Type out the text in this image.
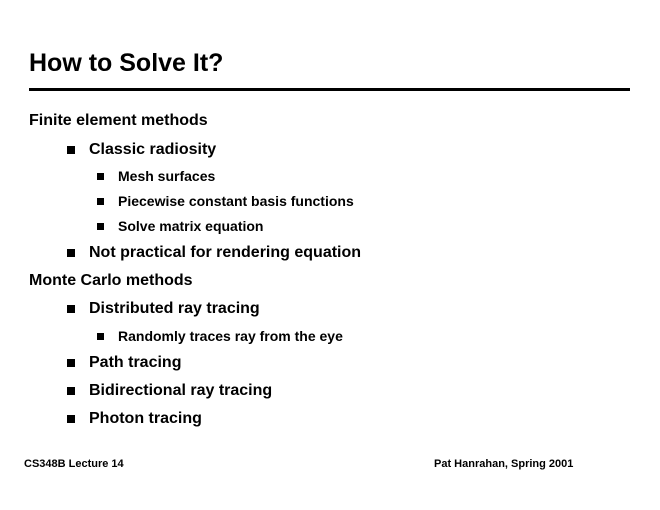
How to Solve It?
Finite element methods
Classic radiosity
Mesh surfaces
Piecewise constant basis functions
Solve matrix equation
Not practical for rendering equation
Monte Carlo methods
Distributed ray tracing
Randomly traces ray from the eye
Path tracing
Bidirectional ray tracing
Photon tracing
CS348B Lecture 14	Pat Hanrahan, Spring 2001
